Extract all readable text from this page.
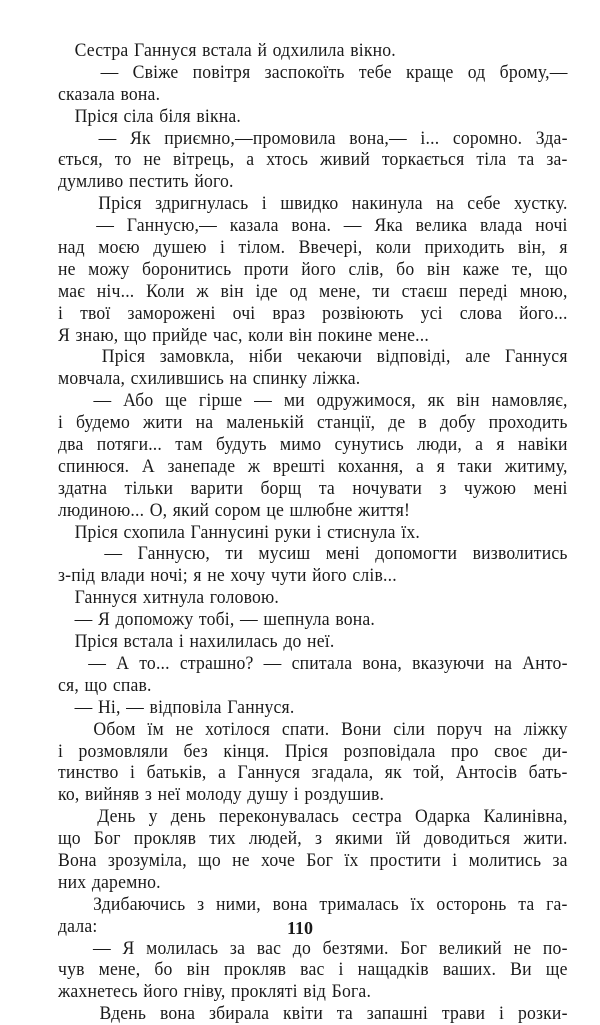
Сестра Ганнуся встала й одхилила вікно.
— Свіже повітря заспокоїть тебе краще од брому,—
сказала вона.
Пріся сіла біля вікна.
— Як приємно,—промовила вона,— і... соромно. Зда-
ється, то не вітрець, а хтось живий торкається тіла та за-
думливо пестить його.
Пріся здригнулась і швидко накинула на себе хустку.
— Ганнусю,— казала вона. — Яка велика влада ночі
над моєю душею і тілом. Ввечері, коли приходить він, я
не можу боронитись проти його слів, бо він каже те, що
має ніч... Коли ж він іде од мене, ти стаєш переді мною,
і твої заморожені очі враз розвіюють усі слова його...
Я знаю, що прийде час, коли він покине мене...
Пріся замовкла, ніби чекаючи відповіді, але Ганнуся
мовчала, схилившись на спинку ліжка.
— Або ще гірше — ми одружимося, як він намовляє,
і будемо жити на маленькій станції, де в добу проходить
два потяги... там будуть мимо сунутись люди, а я навіки
спинюся. А занепаде ж врешті кохання, а я таки житиму,
здатна тільки варити борщ та ночувати з чужою мені
людиною... О, який сором це шлюбне життя!
Пріся схопила Ганнусині руки і стиснула їх.
— Ганнусю, ти мусиш мені допомогти визволитись
з-під влади ночі; я не хочу чути його слів...
Ганнуся хитнула головою.
— Я допоможу тобі, — шепнула вона.
Пріся встала і нахилилась до неї.
— А то... страшно? — спитала вона, вказуючи на Анто-
ся, що спав.
— Ні, — відповіла Ганнуся.
Обом їм не хотілося спати. Вони сіли поруч на ліжку
і розмовляли без кінця. Пріся розповідала про своє ди-
тинство і батьків, а Ганнуся згадала, як той, Антосів бать-
ко, вийняв з неї молоду душу і роздушив.
День у день переконувалась сестра Одарка Калинівна,
що Бог прокляв тих людей, з якими їй доводиться жити.
Вона зрозуміла, що не хоче Бог їх простити і молитись за
них даремно.
Здибаючись з ними, вона трималась їх осторонь та га-
дала:
— Я молилась за вас до безтями. Бог великий не по-
чув мене, бо він прокляв вас і нащадків ваших. Ви ще
жахнетесь його гніву, прокляті від Бога.
Вдень вона збирала квіти та запашні трави і розки-
110
